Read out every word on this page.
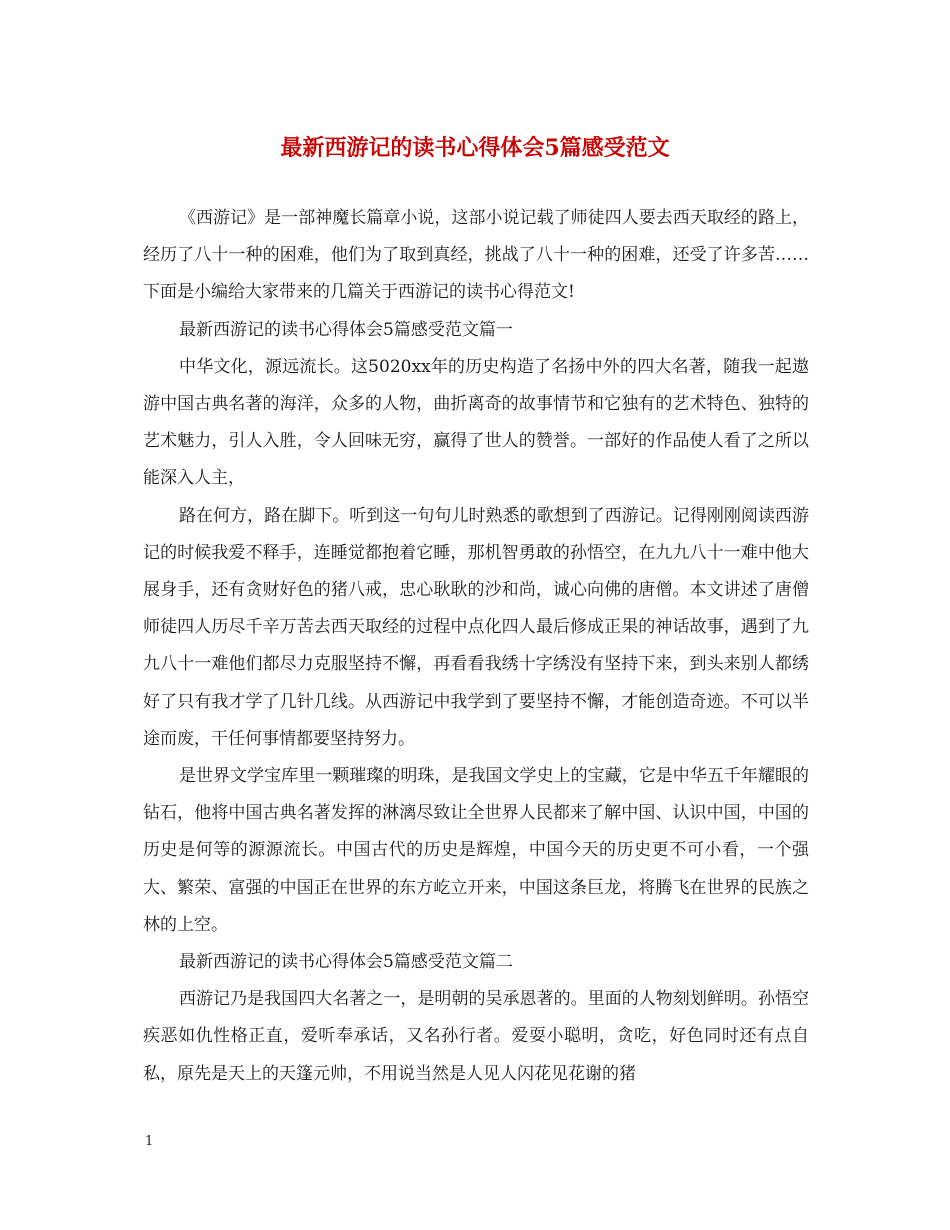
最新西游记的读书心得体会5篇感受范文

《西游记》是一部神魔长篇章小说，这部小说记载了师徒四人要去西天取经的路上，经历了八十一种的困难，他们为了取到真经，挑战了八十一种的困难，还受了许多苦……下面是小编给大家带来的几篇关于西游记的读书心得范文!

最新西游记的读书心得体会5篇感受范文篇一

中华文化，源远流长。这5020xx年的历史构造了名扬中外的四大名著，随我一起遨游中国古典名著的海洋，众多的人物，曲折离奇的故事情节和它独有的艺术特色、独特的艺术魅力，引人入胜，令人回味无穷，赢得了世人的赞誉。一部好的作品使人看了之所以能深入人主，

路在何方，路在脚下。听到这一句句儿时熟悉的歌想到了西游记。记得刚刚阅读西游记的时候我爱不释手，连睡觉都抱着它睡，那机智勇敢的孙悟空，在九九八十一难中他大展身手，还有贪财好色的猪八戒，忠心耿耿的沙和尚，诚心向佛的唐僧。本文讲述了唐僧师徒四人历尽千辛万苦去西天取经的过程中点化四人最后修成正果的神话故事，遇到了九九八十一难他们都尽力克服坚持不懈，再看看我绣十字绣没有坚持下来，到头来别人都绣好了只有我才学了几针几线。从西游记中我学到了要坚持不懈，才能创造奇迹。不可以半途而废，干任何事情都要坚持努力。

是世界文学宝库里一颗璀璨的明珠，是我国文学史上的宝藏，它是中华五千年耀眼的钻石，他将中国古典名著发挥的淋漓尽致让全世界人民都来了解中国、认识中国，中国的历史是何等的源源流长。中国古代的历史是辉煌，中国今天的历史更不可小看，一个强大、繁荣、富强的中国正在世界的东方屹立开来，中国这条巨龙，将腾飞在世界的民族之林的上空。

最新西游记的读书心得体会5篇感受范文篇二

西游记乃是我国四大名著之一，是明朝的吴承恩著的。里面的人物刻划鲜明。孙悟空疾恶如仇性格正直，爱听奉承话，又名孙行者。爱耍小聪明，贪吃，好色同时还有点自私，原先是天上的天篷元帅，不用说当然是人见人闪花见花谢的猪

1
